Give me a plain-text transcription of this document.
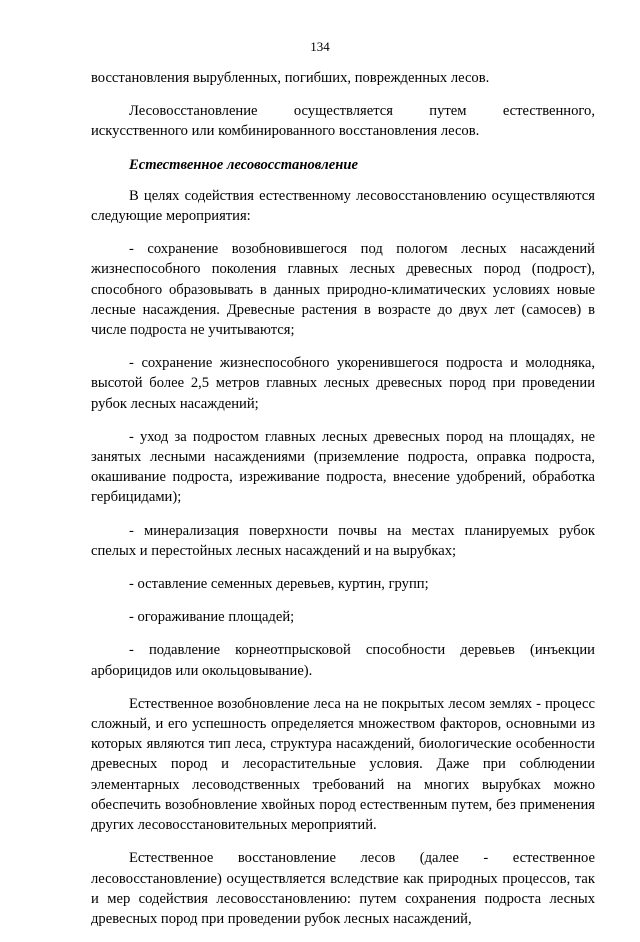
134

восстановления вырубленных, погибших, поврежденных лесов.

Лесовосстановление осуществляется путем естественного, искусственного или комбинированного восстановления лесов.

Естественное лесовосстановление

В целях содействия естественному лесовосстановлению осуществляются следующие мероприятия:

- сохранение возобновившегося под пологом лесных насаждений жизнеспособного поколения главных лесных древесных пород (подрост), способного образовывать в данных природно-климатических условиях новые лесные насаждения. Древесные растения в возрасте до двух лет (самосев) в числе подроста не учитываются;

- сохранение жизнеспособного укоренившегося подроста и молодняка, высотой более 2,5 метров главных лесных древесных пород при проведении рубок лесных насаждений;

- уход за подростом главных лесных древесных пород на площадях, не занятых лесными насаждениями (приземление подроста, оправка подроста, окашивание подроста, изреживание подроста, внесение удобрений, обработка гербицидами);

- минерализация поверхности почвы на местах планируемых рубок спелых и перестойных лесных насаждений и на вырубках;

- оставление семенных деревьев, куртин, групп;

- огораживание площадей;

- подавление корнеотпрысковой способности деревьев (инъекции арборицидов или окольцовывание).

Естественное возобновление леса на не покрытых лесом землях - процесс сложный, и его успешность определяется множеством факторов, основными из которых являются тип леса, структура насаждений, биологические особенности древесных пород и лесорастительные условия. Даже при соблюдении элементарных лесоводственных требований на многих вырубках можно обеспечить возобновление хвойных пород естественным путем, без применения других лесовосстановительных мероприятий.

Естественное восстановление лесов (далее - естественное лесовосстановление) осуществляется вследствие как природных процессов, так и мер содействия лесовосстановлению: путем сохранения подроста лесных древесных пород при проведении рубок лесных насаждений,
